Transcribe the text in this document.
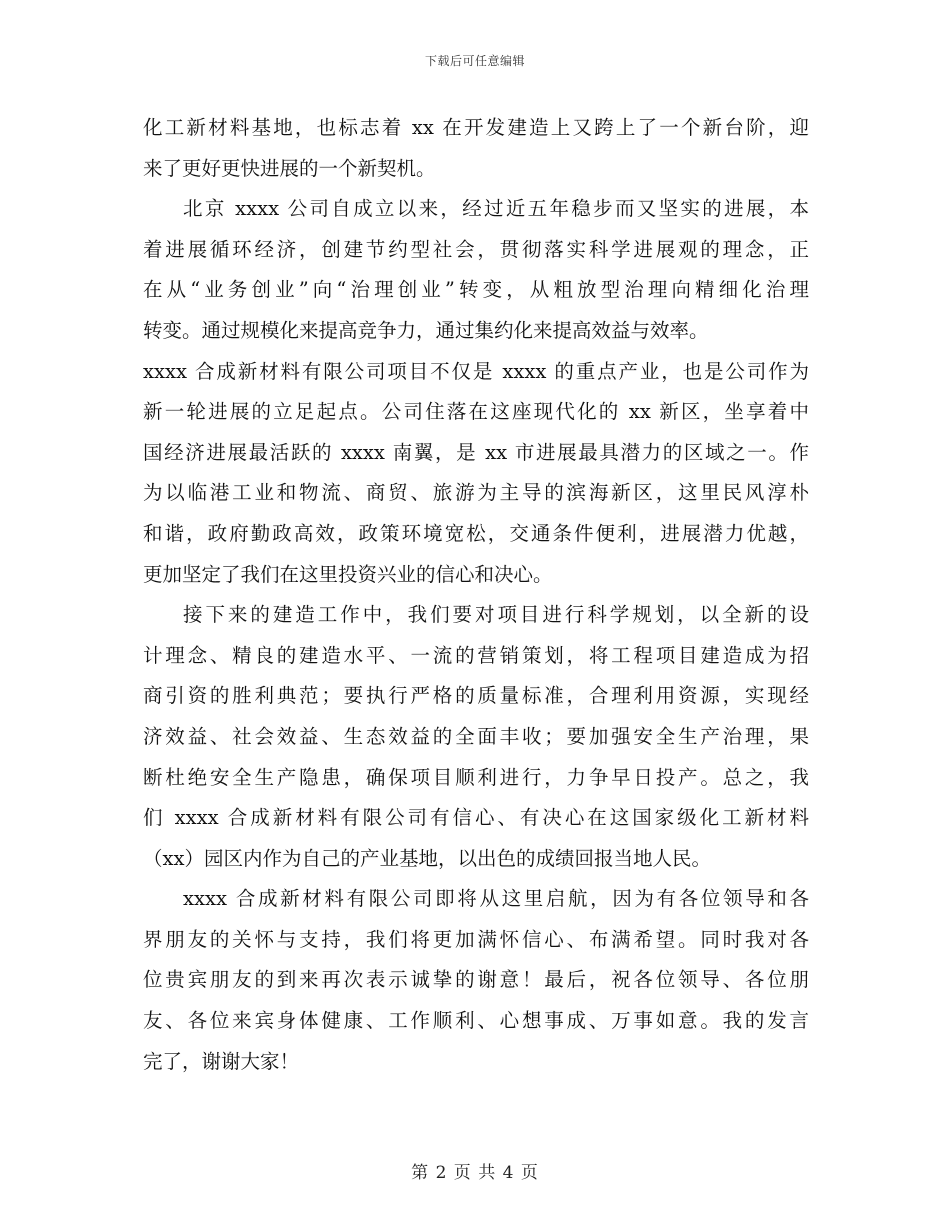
下载后可任意编辑
化工新材料基地，也标志着 xx 在开发建造上又跨上了一个新台阶，迎
来了更好更快进展的一个新契机。
北京 xxxx 公司自成立以来，经过近五年稳步而又坚实的进展，本
着进展循环经济，创建节约型社会，贯彻落实科学进展观的理念，正
在从“业务创业”向“治理创业”转变，从粗放型治理向精细化治理
转变。通过规模化来提高竞争力，通过集约化来提高效益与效率。
xxxx 合成新材料有限公司项目不仅是 xxxx 的重点产业，也是公司作为
新一轮进展的立足起点。公司住落在这座现代化的 xx 新区，坐享着中
国经济进展最活跃的 xxxx 南翼，是 xx 市进展最具潜力的区域之一。作
为以临港工业和物流、商贸、旅游为主导的滨海新区，这里民风淳朴
和谐，政府勤政高效，政策环境宽松，交通条件便利，进展潜力优越，
更加坚定了我们在这里投资兴业的信心和决心。
接下来的建造工作中，我们要对项目进行科学规划，以全新的设
计理念、精良的建造水平、一流的营销策划，将工程项目建造成为招
商引资的胜利典范；要执行严格的质量标准，合理利用资源，实现经
济效益、社会效益、生态效益的全面丰收；要加强安全生产治理，果
断杜绝安全生产隐患，确保项目顺利进行，力争早日投产。总之，我
们 xxxx 合成新材料有限公司有信心、有决心在这国家级化工新材料
（xx）园区内作为自己的产业基地，以出色的成绩回报当地人民。
xxxx 合成新材料有限公司即将从这里启航，因为有各位领导和各
界朋友的关怀与支持，我们将更加满怀信心、布满希望。同时我对各
位贵宾朋友的到来再次表示诚挚的谢意！最后，祝各位领导、各位朋
友、各位来宾身体健康、工作顺利、心想事成、万事如意。我的发言
完了，谢谢大家！
第 2 页 共 4 页
